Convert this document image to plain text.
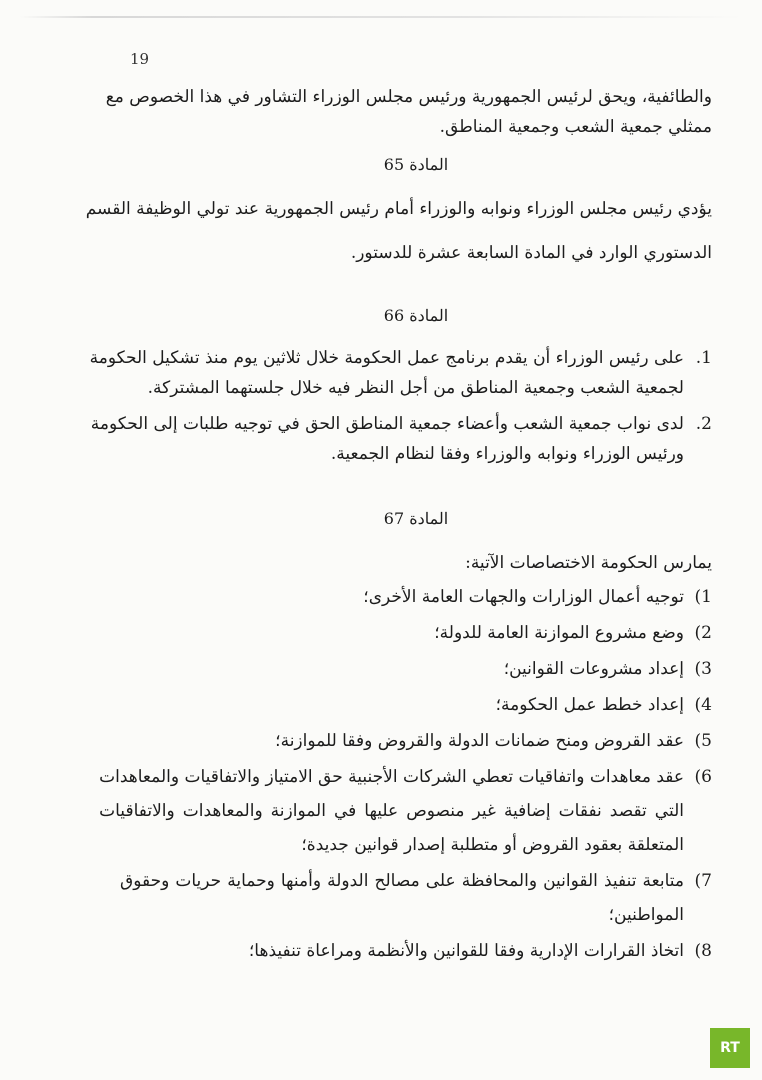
19
والطائفية، ويحق لرئيس الجمهورية ورئيس مجلس الوزراء التشاور في هذا الخصوص مع
ممثلي جمعية الشعب وجمعية المناطق.
المادة 65
يؤدي رئيس مجلس الوزراء ونوابه والوزراء أمام رئيس الجمهورية عند تولي الوظيفة القسم
الدستوري الوارد في المادة السابعة عشرة للدستور.
المادة 66
1.
على رئيس الوزراء أن يقدم برنامج عمل الحكومة خلال ثلاثين يوم منذ تشكيل الحكومة
لجمعية الشعب وجمعية المناطق من أجل النظر فيه خلال جلستهما المشتركة.
2.
لدى نواب جمعية الشعب وأعضاء جمعية المناطق الحق في توجيه طلبات إلى الحكومة
ورئيس الوزراء ونوابه والوزراء وفقا لنظام الجمعية.
المادة 67
يمارس الحكومة الاختصاصات الآتية:
1)
توجيه أعمال الوزارات والجهات العامة الأخرى؛
2)
وضع مشروع الموازنة العامة للدولة؛
3)
إعداد مشروعات القوانين؛
4)
إعداد خطط عمل الحكومة؛
5)
عقد القروض ومنح ضمانات الدولة والقروض وفقا للموازنة؛
6)
عقد معاهدات واتفاقيات تعطي الشركات الأجنبية حق الامتياز والاتفاقيات والمعاهدات
التي تقصد نفقات إضافية غير منصوص عليها في الموازنة والمعاهدات والاتفاقيات
المتعلقة بعقود القروض أو متطلبة إصدار قوانين جديدة؛
7)
متابعة تنفيذ القوانين والمحافظة على مصالح الدولة وأمنها وحماية حريات وحقوق
المواطنين؛
8)
اتخاذ القرارات الإدارية وفقا للقوانين والأنظمة ومراعاة تنفيذها؛
RT
